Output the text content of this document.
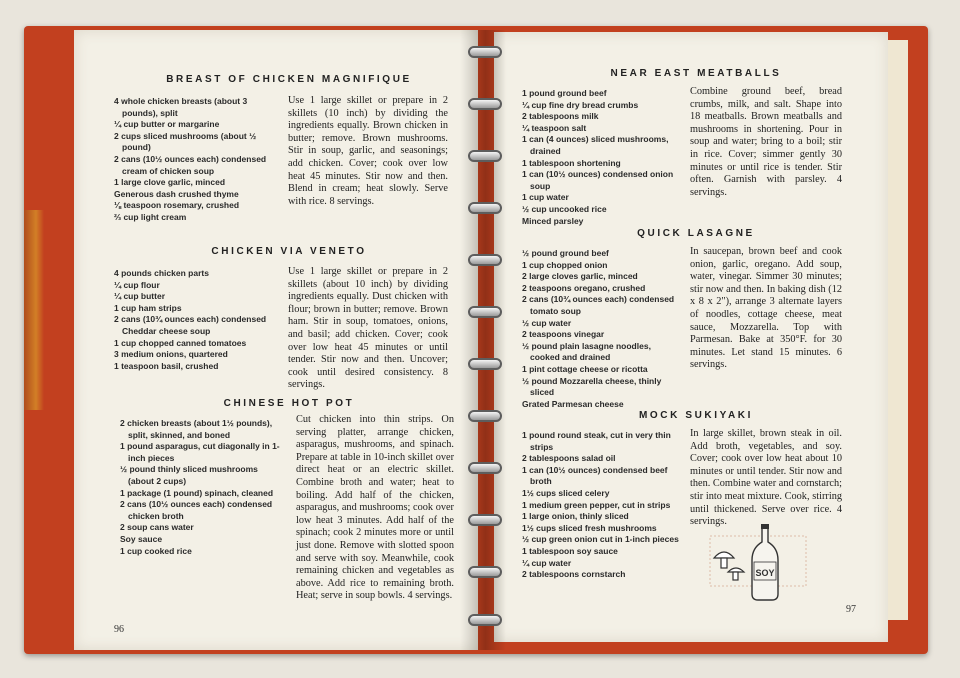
BREAST OF CHICKEN MAGNIFIQUE
4 whole chicken breasts (about 3 pounds), split
¼ cup butter or margarine
2 cups sliced mushrooms (about ½ pound)
2 cans (10½ ounces each) condensed cream of chicken soup
1 large clove garlic, minced
Generous dash crushed thyme
⅛ teaspoon rosemary, crushed
⅔ cup light cream
Use 1 large skillet or prepare in 2 skillets (10 inch) by dividing the ingredients equally. Brown chicken in butter; remove. Brown mushrooms. Stir in soup, garlic, and seasonings; add chicken. Cover; cook over low heat 45 minutes. Stir now and then. Blend in cream; heat slowly. Serve with rice. 8 servings.
CHICKEN VIA VENETO
4 pounds chicken parts
¼ cup flour
¼ cup butter
1 cup ham strips
2 cans (10¾ ounces each) condensed Cheddar cheese soup
1 cup chopped canned tomatoes
3 medium onions, quartered
1 teaspoon basil, crushed
Use 1 large skillet or prepare in 2 skillets (about 10 inch) by dividing ingredients equally. Dust chicken with flour; brown in butter; remove. Brown ham. Stir in soup, tomatoes, onions, and basil; add chicken. Cover; cook over low heat 45 minutes or until tender. Stir now and then. Uncover; cook until desired consistency. 8 servings.
CHINESE HOT POT
2 chicken breasts (about 1½ pounds), split, skinned, and boned
1 pound asparagus, cut diagonally in 1-inch pieces
½ pound thinly sliced mushrooms (about 2 cups)
1 package (1 pound) spinach, cleaned
2 cans (10½ ounces each) condensed chicken broth
2 soup cans water
Soy sauce
1 cup cooked rice
Cut chicken into thin strips. On serving platter, arrange chicken, asparagus, mushrooms, and spinach. Prepare at table in 10-inch skillet over direct heat or an electric skillet. Combine broth and water; heat to boiling. Add half of the chicken, asparagus, and mushrooms; cook over low heat 3 minutes. Add half of the spinach; cook 2 minutes more or until just done. Remove with slotted spoon and serve with soy. Meanwhile, cook remaining chicken and vegetables as above. Add rice to remaining broth. Heat; serve in soup bowls. 4 servings.
96
NEAR EAST MEATBALLS
1 pound ground beef
¼ cup fine dry bread crumbs
2 tablespoons milk
¼ teaspoon salt
1 can (4 ounces) sliced mushrooms, drained
1 tablespoon shortening
1 can (10½ ounces) condensed onion soup
1 cup water
½ cup uncooked rice
Minced parsley
Combine ground beef, bread crumbs, milk, and salt. Shape into 18 meatballs. Brown meatballs and mushrooms in shortening. Pour in soup and water; bring to a boil; stir in rice. Cover; simmer gently 30 minutes or until rice is tender. Stir often. Garnish with parsley. 4 servings.
QUICK LASAGNE
½ pound ground beef
1 cup chopped onion
2 large cloves garlic, minced
2 teaspoons oregano, crushed
2 cans (10¾ ounces each) condensed tomato soup
½ cup water
2 teaspoons vinegar
½ pound plain lasagne noodles, cooked and drained
1 pint cottage cheese or ricotta
½ pound Mozzarella cheese, thinly sliced
Grated Parmesan cheese
In saucepan, brown beef and cook onion, garlic, oregano. Add soup, water, vinegar. Simmer 30 minutes; stir now and then. In baking dish (12 x 8 x 2"), arrange 3 alternate layers of noodles, cottage cheese, meat sauce, Mozzarella. Top with Parmesan. Bake at 350°F. for 30 minutes. Let stand 15 minutes. 6 servings.
MOCK SUKIYAKI
1 pound round steak, cut in very thin strips
2 tablespoons salad oil
1 can (10½ ounces) condensed beef broth
1½ cups sliced celery
1 medium green pepper, cut in strips
1 large onion, thinly sliced
1½ cups sliced fresh mushrooms
½ cup green onion cut in 1-inch pieces
1 tablespoon soy sauce
¼ cup water
2 tablespoons cornstarch
In large skillet, brown steak in oil. Add broth, vegetables, and soy. Cover; cook over low heat about 10 minutes or until tender. Stir now and then. Combine water and cornstarch; stir into meat mixture. Cook, stirring until thickened. Serve over rice. 4 servings.
97
SOY
